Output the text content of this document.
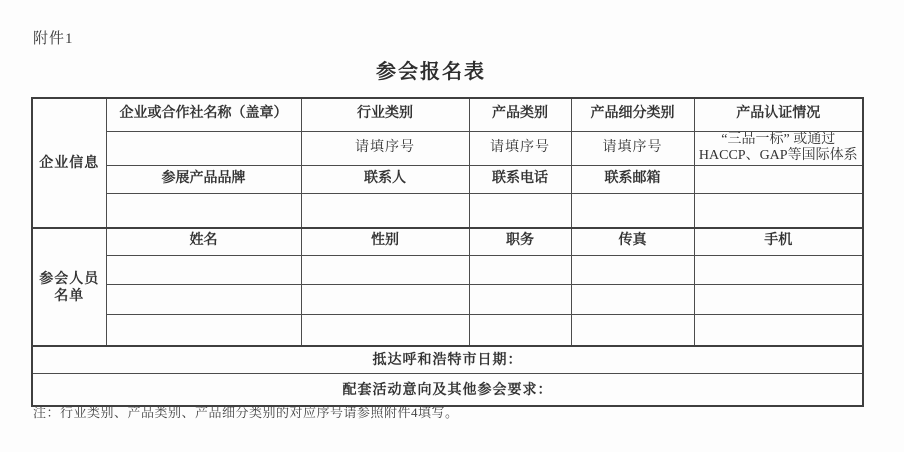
附件1
参会报名表
企业信息	企业或合作社名称（盖章）	行业类别	产品类别	产品细分类别	产品认证情况
		请填序号	请填序号	请填序号	“三品一标” 或通过HACCP、GAP等国际体系
	参展产品品牌	联系人	联系电话	联系邮箱	

参会人员名单	姓名	性别	职务	传真	手机

抵达呼和浩特市日期：					
配套活动意向及其他参会要求：					
注：行业类别、产品类别、产品细分类别的对应序号请参照附件4填写。
